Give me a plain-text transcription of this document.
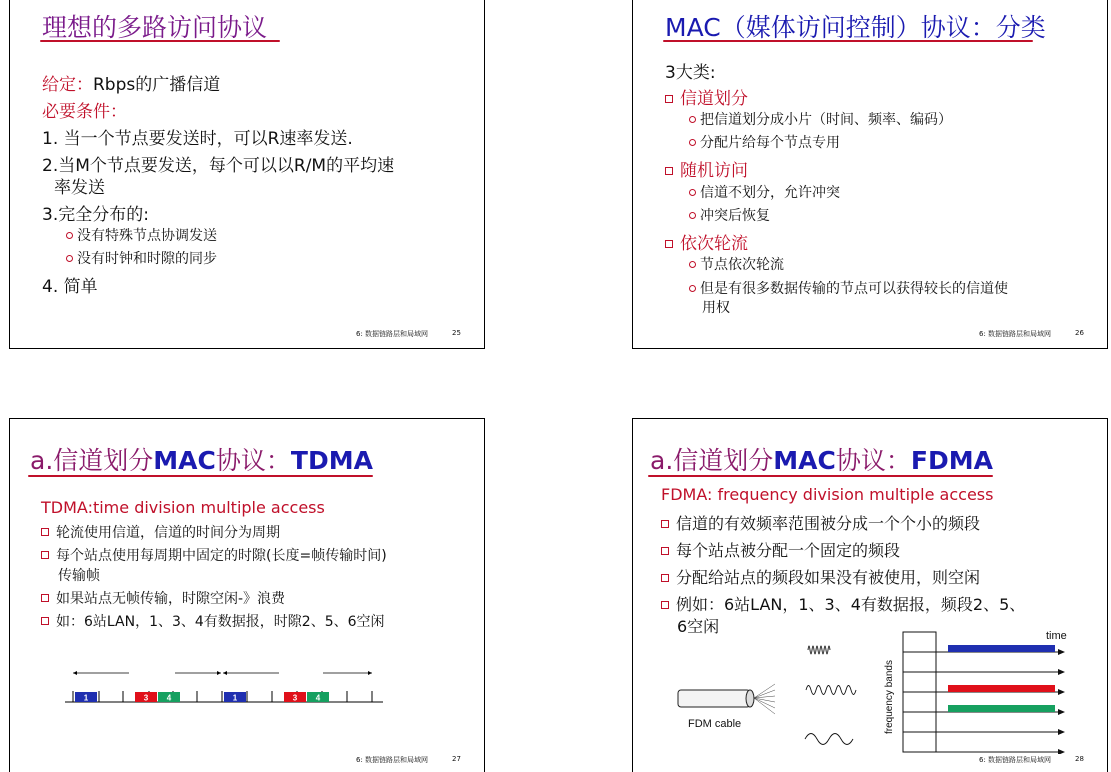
理想的多路访问协议
给定：Rbps的广播信道
必要条件：
1. 当一个节点要发送时，可以R速率发送.
2.当M个节点要发送，每个可以以R/M的平均速
率发送
3.完全分布的:
没有特殊节点协调发送
没有时钟和时隙的同步
4. 简单
6: 数据链路层和局域网	25
MAC（媒体访问控制）协议：分类
3大类:
信道划分
把信道划分成小片（时间、频率、编码）
分配片给每个节点专用
随机访问
信道不划分，允许冲突
冲突后恢复
依次轮流
节点依次轮流
但是有很多数据传输的节点可以获得较长的信道使
用权
6: 数据链路层和局域网	26
a.信道划分MAC协议：TDMA
TDMA:time division multiple access
轮流使用信道，信道的时间分为周期
每个站点使用每周期中固定的时隙(长度=帧传输时间)
传输帧
如果站点无帧传输，时隙空闲-》浪费
如：6站LAN，1、3、4有数据报，时隙2、5、6空闲
1	3 4	1	3 4
6: 数据链路层和局域网	27
a.信道划分MAC协议：FDMA
FDMA: frequency division multiple access
信道的有效频率范围被分成一个个小的频段
每个站点被分配一个固定的频段
分配给站点的频段如果没有被使用，则空闲
例如：6站LAN，1、3、4有数据报，频段2、5、
6空闲
FDM cable	frequency bands
time
6: 数据链路层和局域网	28
